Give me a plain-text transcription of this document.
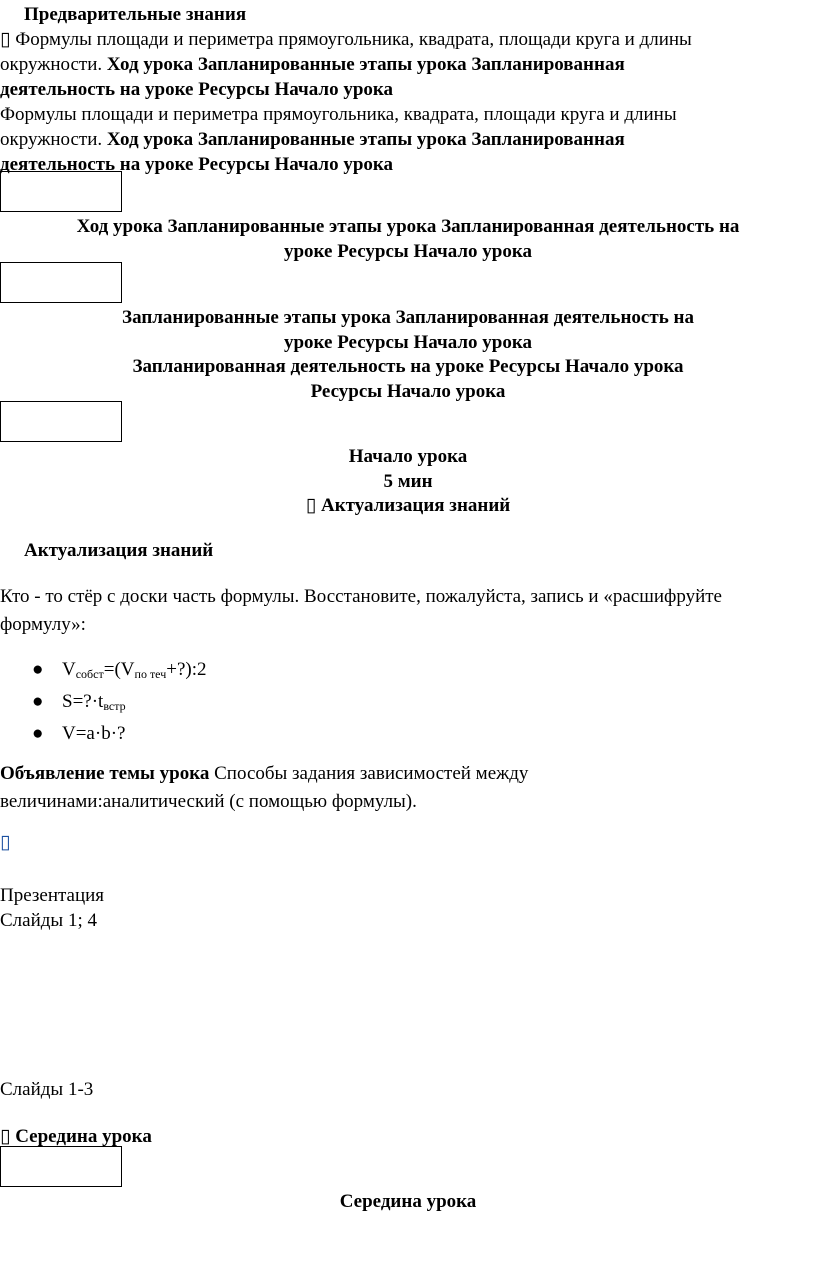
Предварительные знания
▯ Формулы площади и периметра прямоугольника, квадрата, площади круга и длины
окружности. Ход урока Запланированные этапы урока Запланированная
деятельность на уроке Ресурсы Начало урока
Формулы площади и периметра прямоугольника, квадрата, площади круга и длины
окружности. Ход урока Запланированные этапы урока Запланированная
деятельность на уроке Ресурсы Начало урока
Ход урока Запланированные этапы урока Запланированная деятельность на
уроке Ресурсы Начало урока
Запланированные этапы урока Запланированная деятельность на
уроке Ресурсы Начало урока
Запланированная деятельность на уроке Ресурсы Начало урока
Ресурсы Начало урока
Начало урока
5 мин
▯ Актуализация знаний
Актуализация знаний
Кто - то стёр с доски часть формулы. Восстановите, пожалуйста, запись и «расшифруйте
формулу»:
● $V_{собст}=(V_{по теч}+?):2$
● $S=?\cdot t_{встр}$
● V=a·b·?
Объявление темы урока Способы задания зависимостей между
величинами:аналитический (с помощью формулы).
▯
Презентация
Слайды 1; 4
Слайды 1-3
▯ Середина урока
Середина урока
